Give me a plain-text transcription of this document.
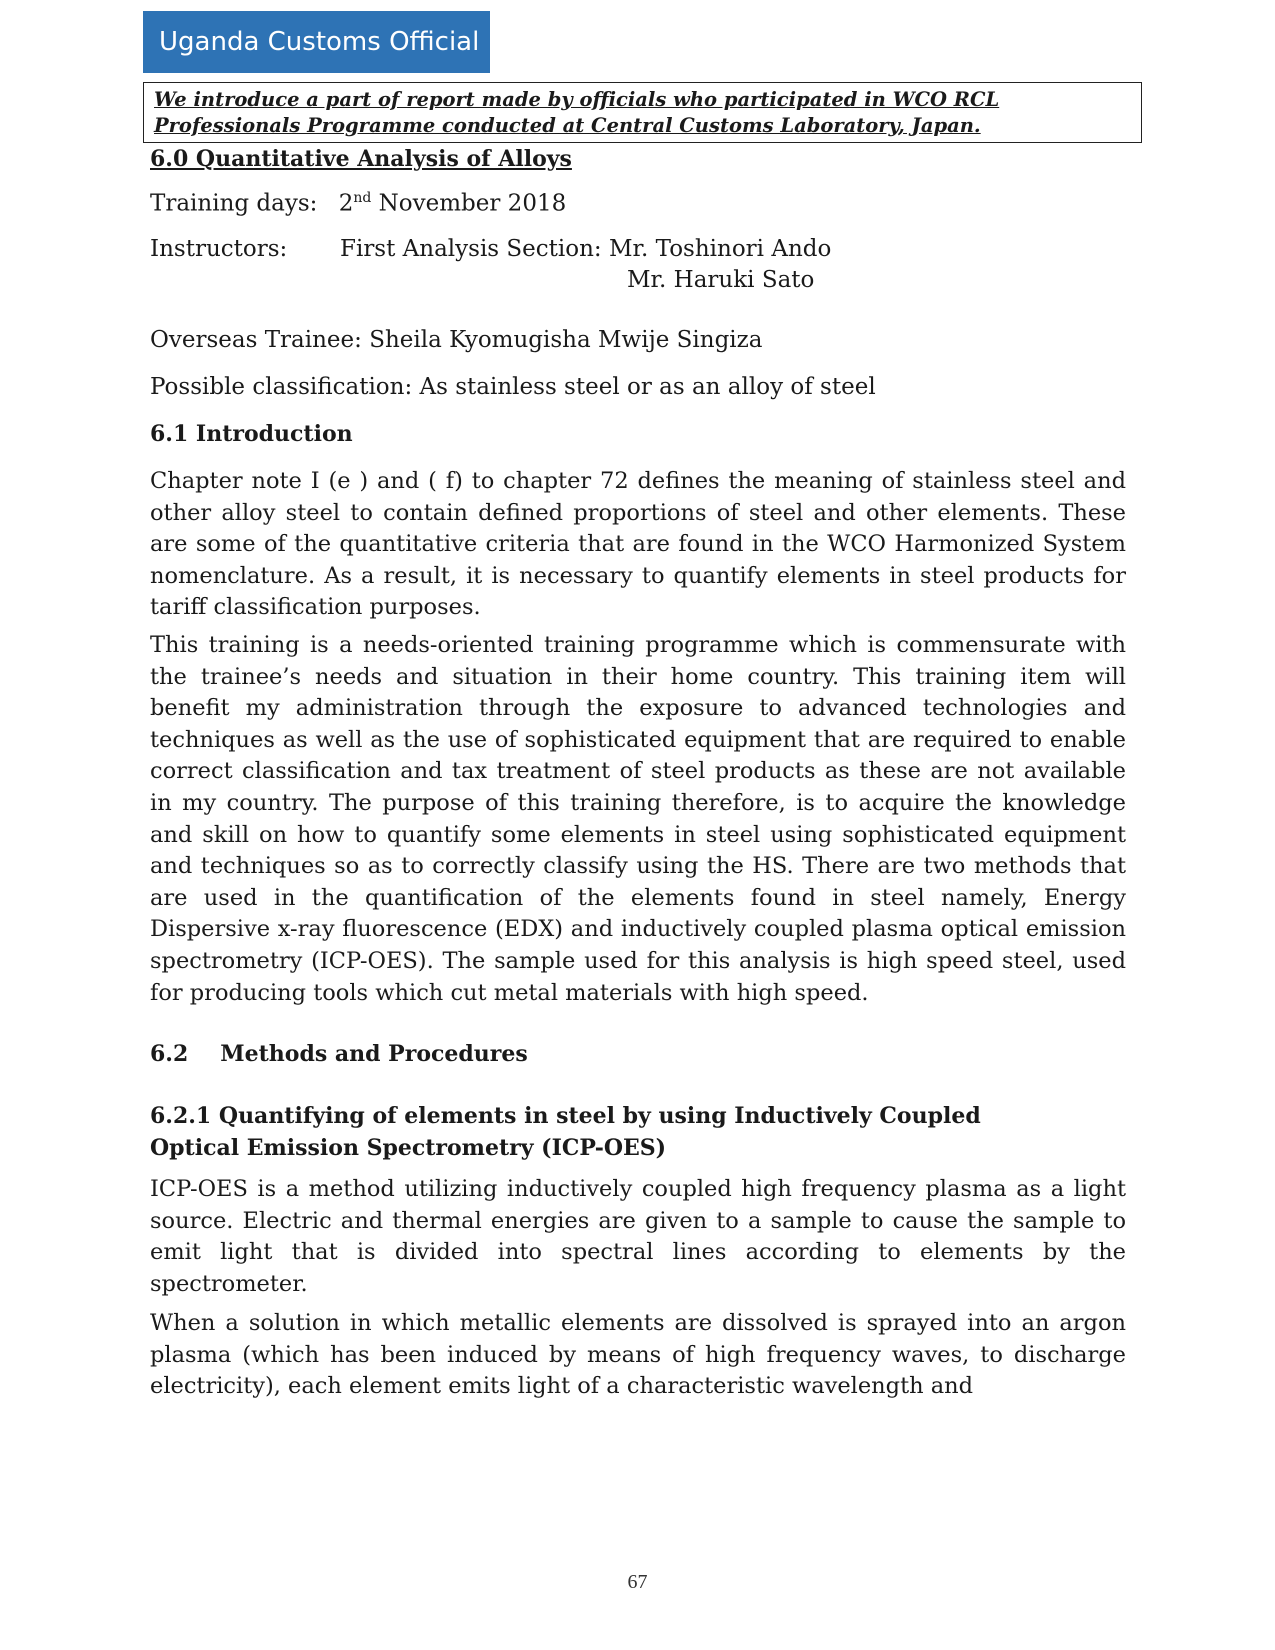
Uganda Customs Official
We introduce a part of report made by officials who participated in WCO RCL
Professionals Programme conducted at Central Customs Laboratory, Japan.
6.0 Quantitative Analysis of Alloys
Training days: 2nd November 2018
Instructors: First Analysis Section: Mr. Toshinori Ando
Mr. Haruki Sato
Overseas Trainee: Sheila Kyomugisha Mwije Singiza
Possible classification: As stainless steel or as an alloy of steel
6.1 Introduction

Chapter note I (e ) and ( f) to chapter 72 defines the meaning of stainless steel and other alloy steel to contain defined proportions of steel and other elements. These are some of the quantitative criteria that are found in the WCO Harmonized System nomenclature. As a result, it is necessary to quantify elements in steel products for tariff classification purposes.

This training is a needs-oriented training programme which is commensurate with the trainee’s needs and situation in their home country. This training item will benefit my administration through the exposure to advanced technologies and techniques as well as the use of sophisticated equipment that are required to enable correct classification and tax treatment of steel products as these are not available in my country. The purpose of this training therefore, is to acquire the knowledge and skill on how to quantify some elements in steel using sophisticated equipment and techniques so as to correctly classify using the HS. There are two methods that are used in the quantification of the elements found in steel namely, Energy Dispersive x-ray fluorescence (EDX) and inductively coupled plasma optical emission spectrometry (ICP-OES). The sample used for this analysis is high speed steel, used for producing tools which cut metal materials with high speed.

6.2 Methods and Procedures
6.2.1 Quantifying of elements in steel by using Inductively Coupled
Optical Emission Spectrometry (ICP-OES)

ICP-OES is a method utilizing inductively coupled high frequency plasma as a light source. Electric and thermal energies are given to a sample to cause the sample to emit light that is divided into spectral lines according to elements by the spectrometer.

When a solution in which metallic elements are dissolved is sprayed into an argon plasma (which has been induced by means of high frequency waves, to discharge electricity), each element emits light of a characteristic wavelength and

67
